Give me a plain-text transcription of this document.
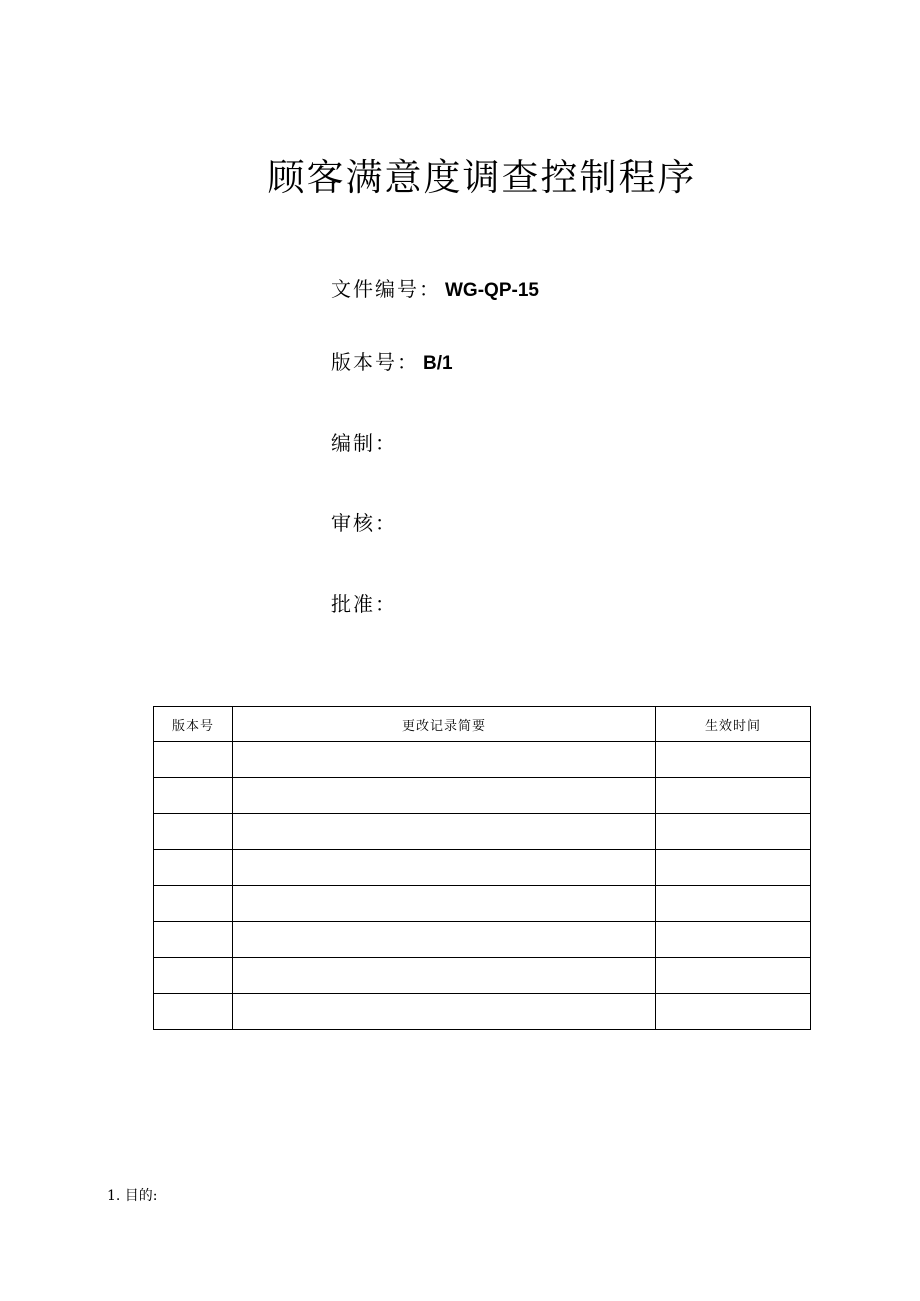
顾客满意度调查控制程序
文件编号： WG-QP-15
版本号： B/1
编制：
审核：
批准：
版本号	更改记录简要	生效时间

1. 目的:
